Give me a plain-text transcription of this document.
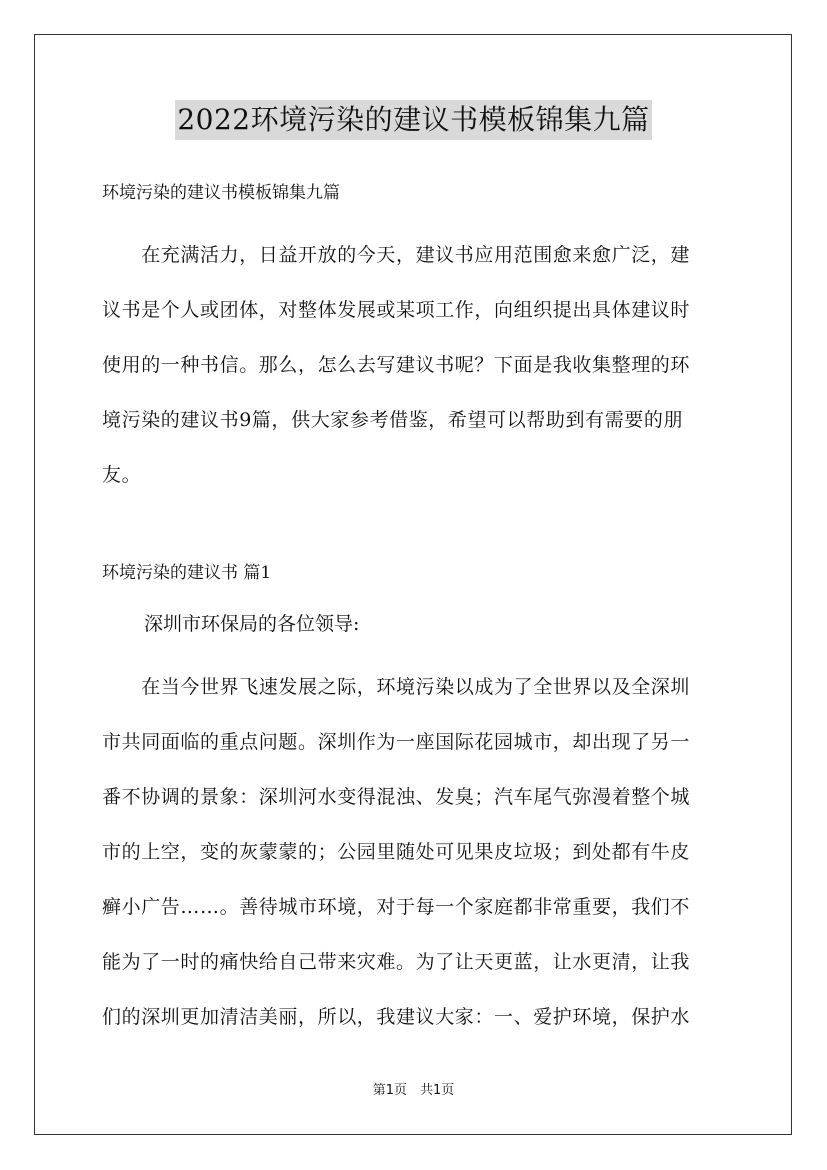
2022环境污染的建议书模板锦集九篇
环境污染的建议书模板锦集九篇
　　在充满活力，日益开放的今天，建议书应用范围愈来愈广泛，建
议书是个人或团体，对整体发展或某项工作，向组织提出具体建议时
使用的一种书信。那么，怎么去写建议书呢？下面是我收集整理的环
境污染的建议书9篇，供大家参考借鉴，希望可以帮助到有需要的朋
友。
环境污染的建议书 篇1
深圳市环保局的各位领导:
　　在当今世界飞速发展之际，环境污染以成为了全世界以及全深圳
市共同面临的重点问题。深圳作为一座国际花园城市，却出现了另一
番不协调的景象：深圳河水变得混浊、发臭；汽车尾气弥漫着整个城
市的上空，变的灰蒙蒙的；公园里随处可见果皮垃圾；到处都有牛皮
癣小广告……。善待城市环境，对于每一个家庭都非常重要，我们不
能为了一时的痛快给自己带来灾难。为了让天更蓝，让水更清，让我
们的深圳更加清洁美丽，所以，我建议大家：一、爱护环境，保护水
第1页　共1页
